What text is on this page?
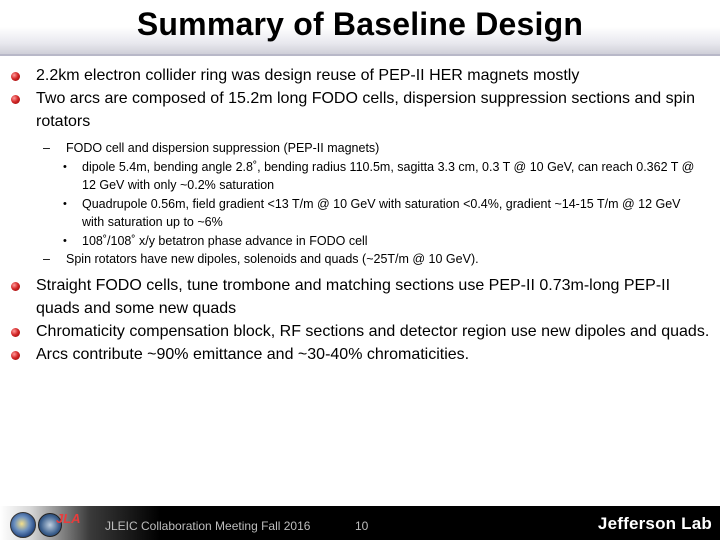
Summary of Baseline Design
2.2km electron collider ring was design reuse of PEP-II HER magnets mostly
Two arcs are composed of 15.2m long FODO cells, dispersion suppression sections and spin rotators
– FODO cell and dispersion suppression (PEP-II magnets)
• dipole 5.4m, bending angle 2.8˚, bending radius 110.5m, sagitta 3.3 cm, 0.3 T @ 10 GeV, can reach 0.362 T @ 12 GeV with only ~0.2% saturation
• Quadrupole 0.56m, field gradient <13 T/m @ 10 GeV with saturation <0.4%, gradient ~14-15 T/m @ 12 GeV with saturation up to ~6%
• 108˚/108˚ x/y betatron phase advance in FODO cell
– Spin rotators have new dipoles, solenoids and quads (~25T/m @ 10 GeV).
Straight FODO cells, tune trombone and matching sections use PEP-II 0.73m-long PEP-II quads and some new quads
Chromaticity compensation block, RF sections and detector region use new dipoles and quads.
Arcs contribute ~90% emittance and ~30-40% chromaticities.
JLA JLEIC Collaboration Meeting Fall 2016	10	Jefferson Lab
